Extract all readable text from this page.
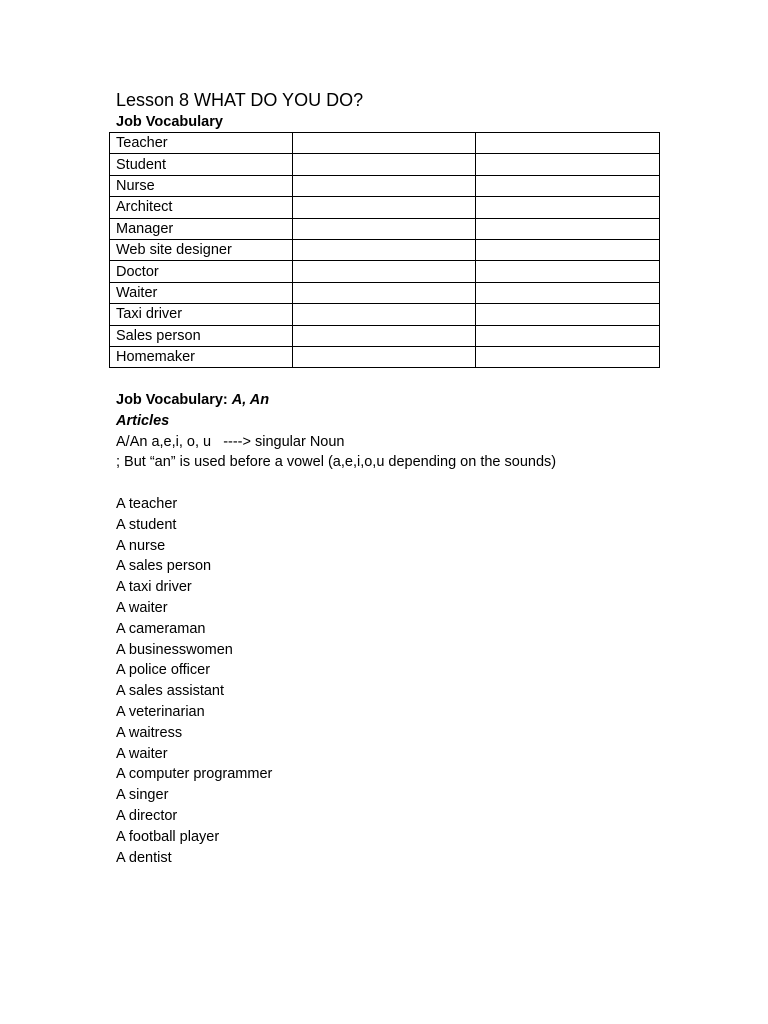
Lesson 8 WHAT DO YOU DO?
Job Vocabulary
Teacher		
Student		
Nurse		
Architect		
Manager		
Web site designer		
Doctor		
Waiter		
Taxi driver		
Sales person		
Homemaker		
Job Vocabulary: A, An
Articles
A/An a,e,i, o, u   ----> singular Noun
; But “an” is used before a vowel (a,e,i,o,u depending on the sounds)
A teacher
A student
A nurse
A sales person
A taxi driver
A waiter
A cameraman
A businesswomen
A police officer
A sales assistant
A veterinarian
A waitress
A waiter
A computer programmer
A singer
A director
A football player
A dentist
